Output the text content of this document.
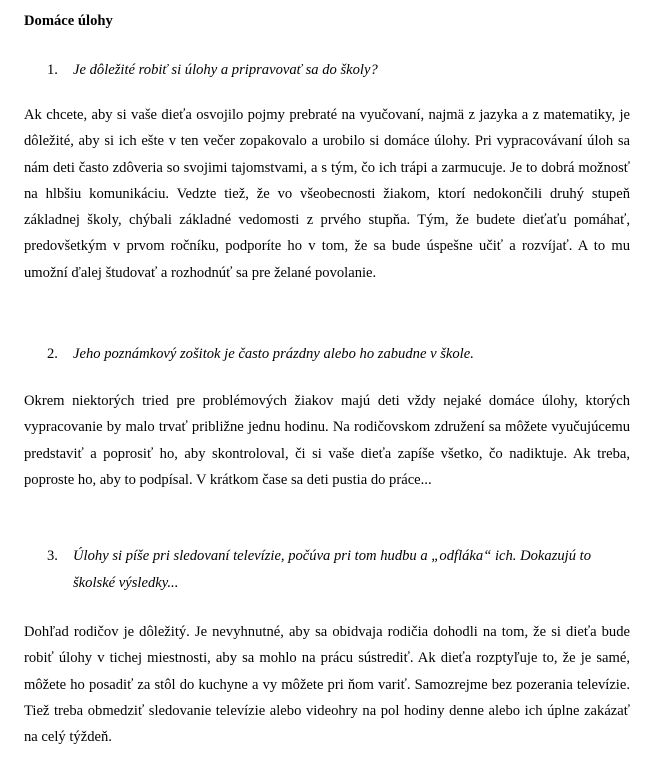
Domáce úlohy
1. Je dôležité robiť si úlohy a pripravovať sa do školy?
Ak chcete, aby si vaše dieťa osvojilo pojmy prebraté na vyučovaní, najmä z jazyka a z matematiky, je dôležité, aby si ich ešte v ten večer zopakovalo a urobilo si domáce úlohy. Pri vypracovávaní úloh sa nám deti často zdôveria so svojimi tajomstvami, a s tým, čo ich trápi a zarmucuje. Je to dobrá možnosť na hlbšiu komunikáciu. Vedzte tiež, že vo všeobecnosti žiakom, ktorí nedokončili druhý stupeň základnej školy, chýbali základné vedomosti z prvého stupňa. Tým, že budete dieťaťu pomáhať, predovšetkým v prvom ročníku, podporíte ho v tom, že sa bude úspešne učiť a rozvíjať. A to mu umožní ďalej študovať a rozhodnúť sa pre želané povolanie.
2. Jeho poznámkový zošitok je často prázdny alebo ho zabudne v škole.
Okrem niektorých tried pre problémových žiakov majú deti vždy nejaké domáce úlohy, ktorých vypracovanie by malo trvať približne jednu hodinu. Na rodičovskom združení sa môžete vyučujúcemu predstaviť a poprosiť ho, aby skontroloval, či si vaše dieťa zapíše všetko, čo nadiktuje. Ak treba, poproste ho, aby to podpísal. V krátkom čase sa deti pustia do práce...
3. Úlohy si píše pri sledovaní televízie, počúva pri tom hudbu a „odfláka“ ich. Dokazujú to školské výsledky...
Dohľad rodičov je dôležitý. Je nevyhnutné, aby sa obidvaja rodičia dohodli na tom, že si dieťa bude robiť úlohy v tichej miestnosti, aby sa mohlo na prácu sústrediť. Ak dieťa rozptyľuje to, že je samé, môžete ho posadiť za stôl do kuchyne a vy môžete pri ňom variť. Samozrejme bez pozerania televízie. Tiež treba obmedziť sledovanie televízie alebo videohry na pol hodiny denne alebo ich úplne zakázať na celý týždeň.
